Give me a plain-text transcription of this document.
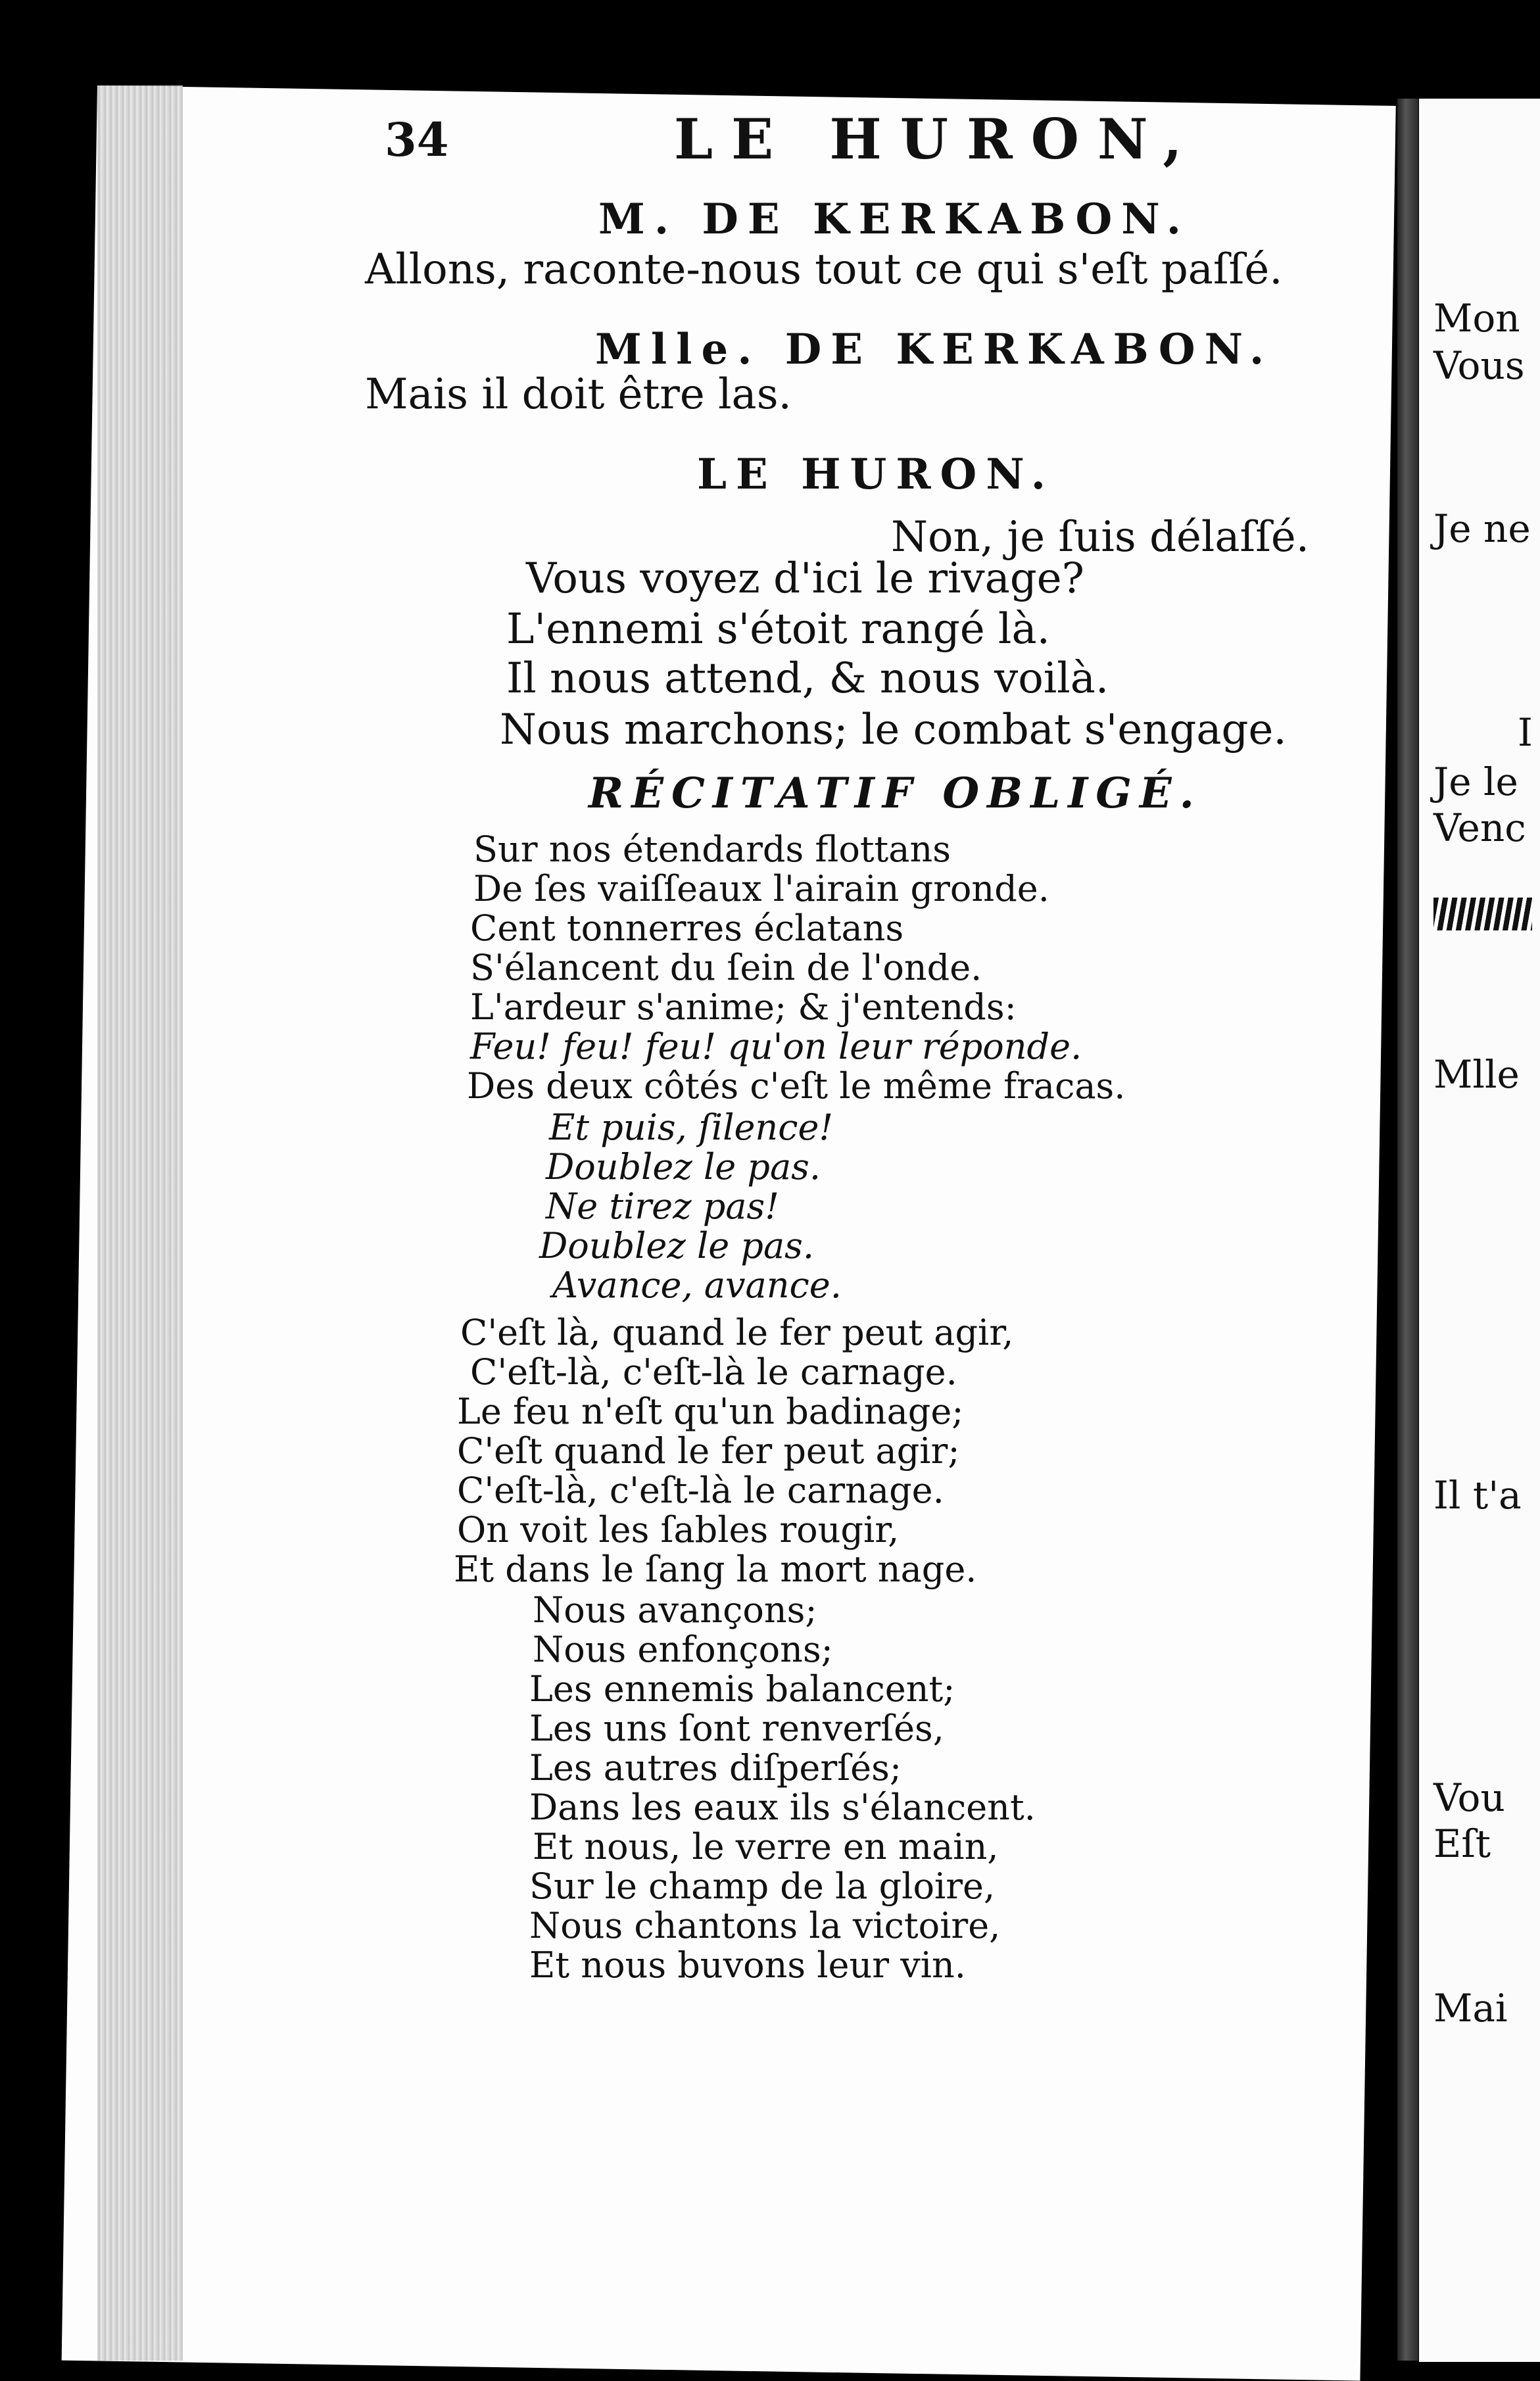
Mon
Vous
Je ne
I
Je le
Venc
Mlle
Il t'a
Vou
Eſt
Mai
34	LE HURON,
M. DE KERKABON.
Allons, raconte-nous tout ce qui s'eſt paſſé.
Mlle. DE KERKABON.
Mais il doit être las.
LE HURON.
Non, je ſuis délaſſé.
Vous voyez d'ici le rivage?
L'ennemi s'étoit rangé là.
Il nous attend, & nous voilà.
Nous marchons; le combat s'engage.
RÉCITATIF OBLIGÉ.
Sur nos étendards flottans
De ſes vaiſſeaux l'airain gronde.
Cent tonnerres éclatans
S'élancent du ſein de l'onde.
L'ardeur s'anime; & j'entends:
Feu! feu! feu! qu'on leur réponde.
Des deux côtés c'eſt le même fracas.
Et puis, ſilence!
Doublez le pas.
Ne tirez pas!
Doublez le pas.
Avance, avance.
C'eſt là, quand le fer peut agir,
C'eſt-là, c'eſt-là le carnage.
Le feu n'eſt qu'un badinage;
C'eſt quand le fer peut agir;
C'eſt-là, c'eſt-là le carnage.
On voit les ſables rougir,
Et dans le ſang la mort nage.
Nous avançons;
Nous enfonçons;
Les ennemis balancent;
Les uns ſont renverſés,
Les autres diſperſés;
Dans les eaux ils s'élancent.
Et nous, le verre en main,
Sur le champ de la gloire,
Nous chantons la victoire,
Et nous buvons leur vin.
